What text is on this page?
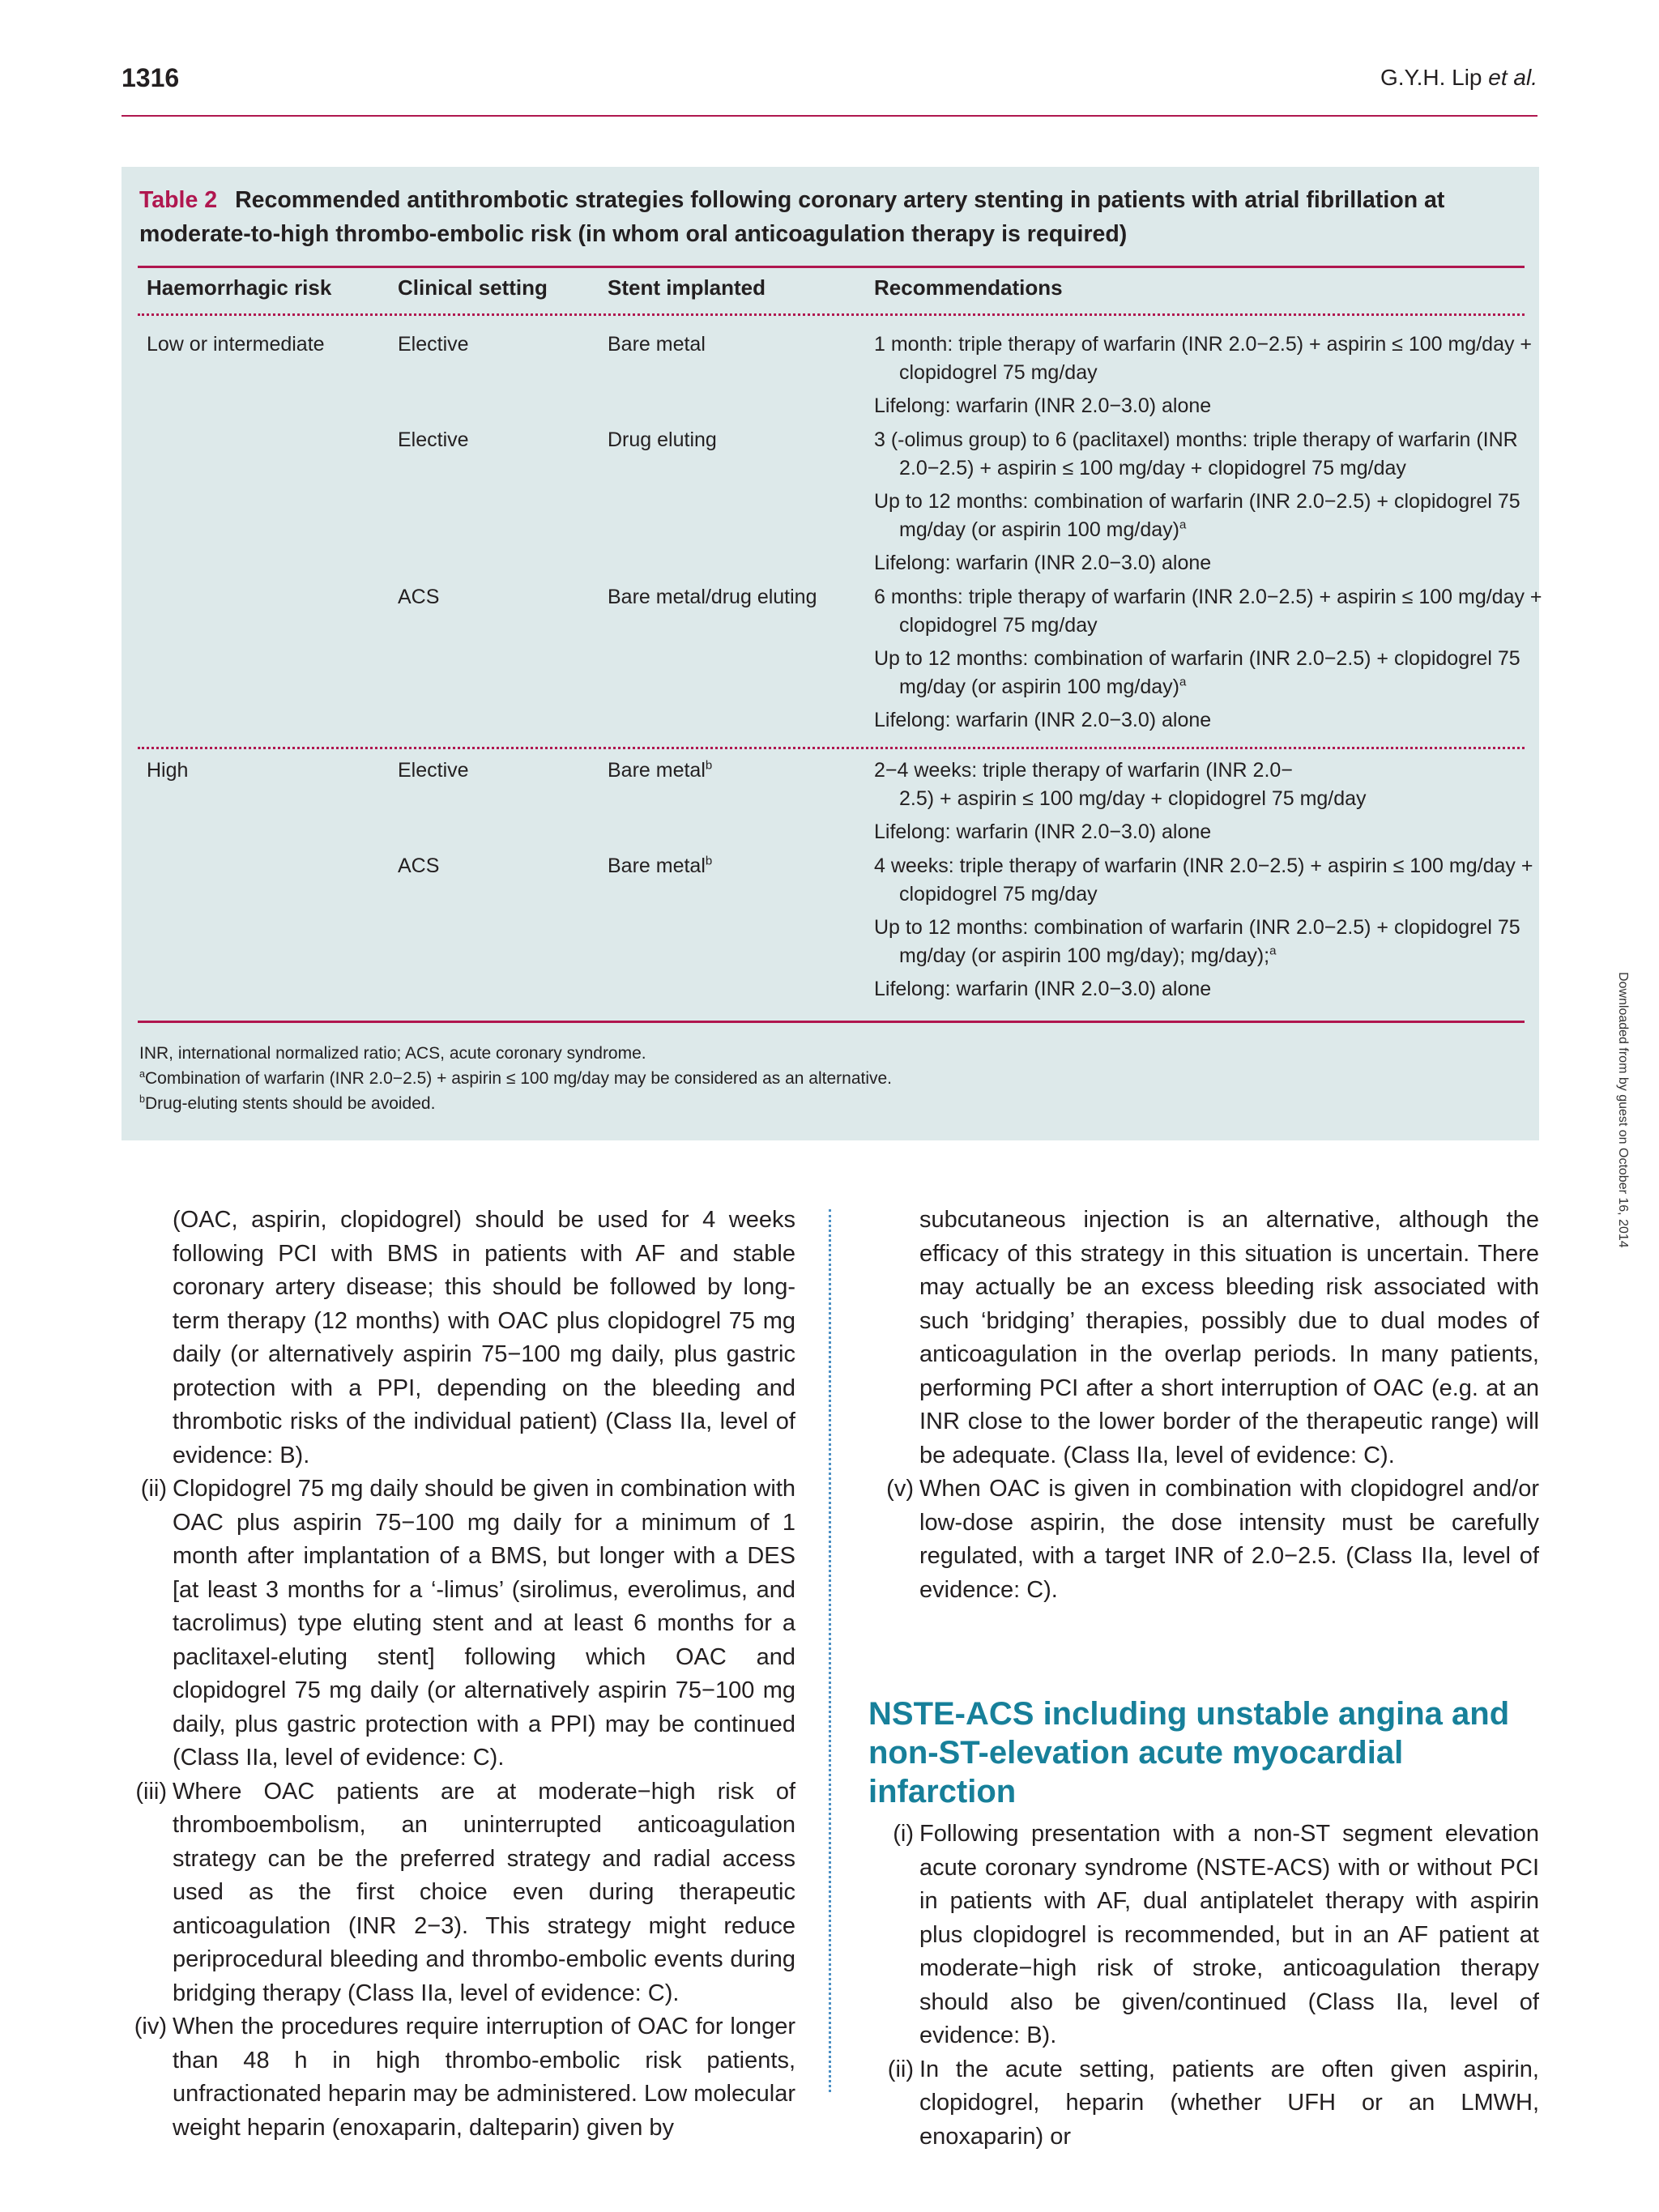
1316	G.Y.H. Lip et al.
Downloaded from by guest on October 16, 2014
Table 2 Recommended antithrombotic strategies following coronary artery stenting in patients with atrial fibrillation at moderate-to-high thrombo-embolic risk (in whom oral anticoagulation therapy is required)
Haemorrhagic risk	Clinical setting	Stent implanted	Recommendations
Low or intermediate	Elective	Bare metal	1 month: triple therapy of warfarin (INR 2.0−2.5) + aspirin ≤ 100 mg/day + clopidogrel 75 mg/day
Lifelong: warfarin (INR 2.0−3.0) alone
Elective	Drug eluting	3 (-olimus group) to 6 (paclitaxel) months: triple therapy of warfarin (INR 2.0−2.5) + aspirin ≤ 100 mg/day + clopidogrel 75 mg/day
Up to 12 months: combination of warfarin (INR 2.0−2.5) + clopidogrel 75 mg/day (or aspirin 100 mg/day)$^a$
Lifelong: warfarin (INR 2.0−3.0) alone
ACS	Bare metal/drug eluting	6 months: triple therapy of warfarin (INR 2.0−2.5) + aspirin ≤ 100 mg/day + clopidogrel 75 mg/day
Up to 12 months: combination of warfarin (INR 2.0−2.5) + clopidogrel 75 mg/day (or aspirin 100 mg/day)$^a$
Lifelong: warfarin (INR 2.0−3.0) alone
High	Elective	Bare metal$^b$	2−4 weeks: triple therapy of warfarin (INR 2.0−
2.5) + aspirin ≤ 100 mg/day + clopidogrel 75 mg/day
Lifelong: warfarin (INR 2.0−3.0) alone
ACS	Bare metal$^b$	4 weeks: triple therapy of warfarin (INR 2.0−2.5) + aspirin ≤ 100 mg/day + clopidogrel 75 mg/day
Up to 12 months: combination of warfarin (INR 2.0−2.5) + clopidogrel 75 mg/day (or aspirin 100 mg/day); mg/day);$^a$
Lifelong: warfarin (INR 2.0−3.0) alone
INR, international normalized ratio; ACS, acute coronary syndrome.
$^a$Combination of warfarin (INR 2.0−2.5) + aspirin ≤ 100 mg/day may be considered as an alternative.
$^b$Drug-eluting stents should be avoided.
(OAC, aspirin, clopidogrel) should be used for 4 weeks following PCI with BMS in patients with AF and stable coronary artery disease; this should be followed by long-term therapy (12 months) with OAC plus clopidogrel 75 mg daily (or alternatively aspirin 75−100 mg daily, plus gastric protection with a PPI, depending on the bleeding and thrombotic risks of the individual patient) (Class IIa, level of evidence: B).
(ii) Clopidogrel 75 mg daily should be given in combination with OAC plus aspirin 75−100 mg daily for a minimum of 1 month after implantation of a BMS, but longer with a DES [at least 3 months for a ‘-limus’ (sirolimus, everolimus, and tacrolimus) type eluting stent and at least 6 months for a paclitaxel-eluting stent] following which OAC and clopidogrel 75 mg daily (or alternatively aspirin 75−100 mg daily, plus gastric protection with a PPI) may be continued (Class IIa, level of evidence: C).
(iii) Where OAC patients are at moderate−high risk of thromboembolism, an uninterrupted anticoagulation strategy can be the preferred strategy and radial access used as the first choice even during therapeutic anticoagulation (INR 2−3). This strategy might reduce periprocedural bleeding and thrombo-embolic events during bridging therapy (Class IIa, level of evidence: C).
(iv) When the procedures require interruption of OAC for longer than 48 h in high thrombo-embolic risk patients, unfractionated heparin may be administered. Low molecular weight heparin (enoxaparin, dalteparin) given by
subcutaneous injection is an alternative, although the efficacy of this strategy in this situation is uncertain. There may actually be an excess bleeding risk associated with such ‘bridging’ therapies, possibly due to dual modes of anticoagulation in the overlap periods. In many patients, performing PCI after a short interruption of OAC (e.g. at an INR close to the lower border of the therapeutic range) will be adequate. (Class IIa, level of evidence: C).
(v) When OAC is given in combination with clopidogrel and/or low-dose aspirin, the dose intensity must be carefully regulated, with a target INR of 2.0−2.5. (Class IIa, level of evidence: C).
NSTE-ACS including unstable angina and non-ST-elevation acute myocardial infarction
(i) Following presentation with a non-ST segment elevation acute coronary syndrome (NSTE-ACS) with or without PCI in patients with AF, dual antiplatelet therapy with aspirin plus clopidogrel is recommended, but in an AF patient at moderate−high risk of stroke, anticoagulation therapy should also be given/continued (Class IIa, level of evidence: B).
(ii) In the acute setting, patients are often given aspirin, clopidogrel, heparin (whether UFH or an LMWH, enoxaparin) or
